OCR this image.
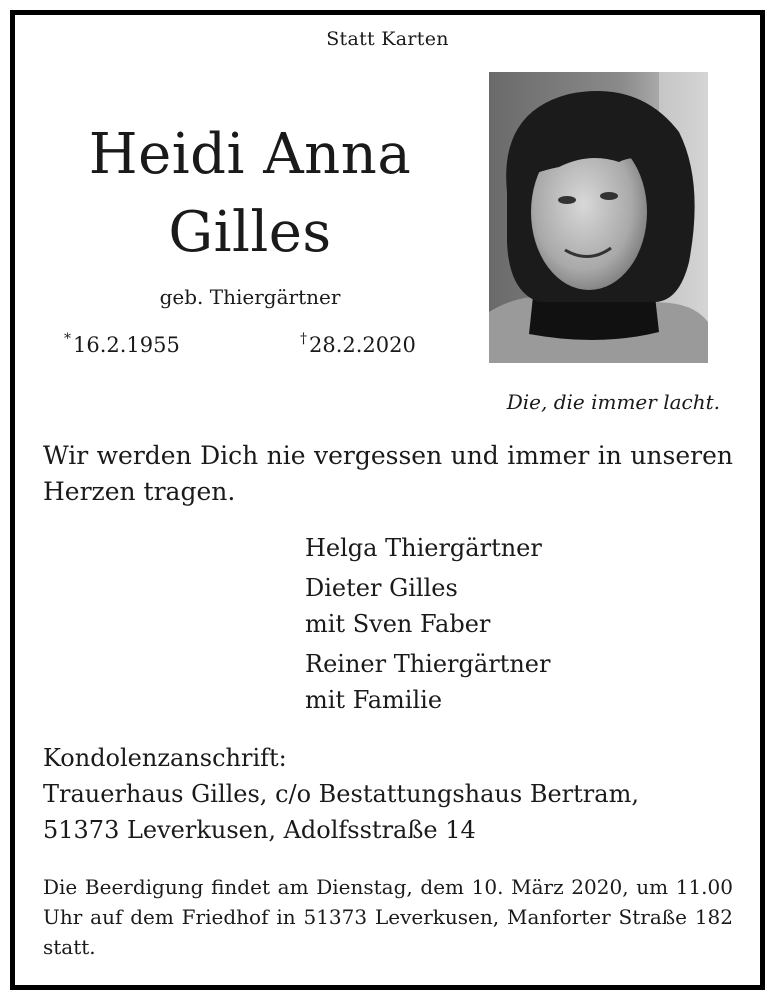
Statt Karten
Heidi Anna
Gilles
geb. Thiergärtner
*16.2.1955	†28.2.2020
Die, die immer lacht.
Wir werden Dich nie vergessen und immer in unseren Herzen tragen.
Helga Thiergärtner
Dieter Gilles
mit Sven Faber
Reiner Thiergärtner
mit Familie
Kondolenzanschrift:
Trauerhaus Gilles, c/o Bestattungshaus Bertram,
51373 Leverkusen, Adolfsstraße 14
Die Beerdigung findet am Dienstag, dem 10. März 2020, um 11.00 Uhr auf dem Friedhof in 51373 Leverkusen, Manforter Straße 182 statt.
